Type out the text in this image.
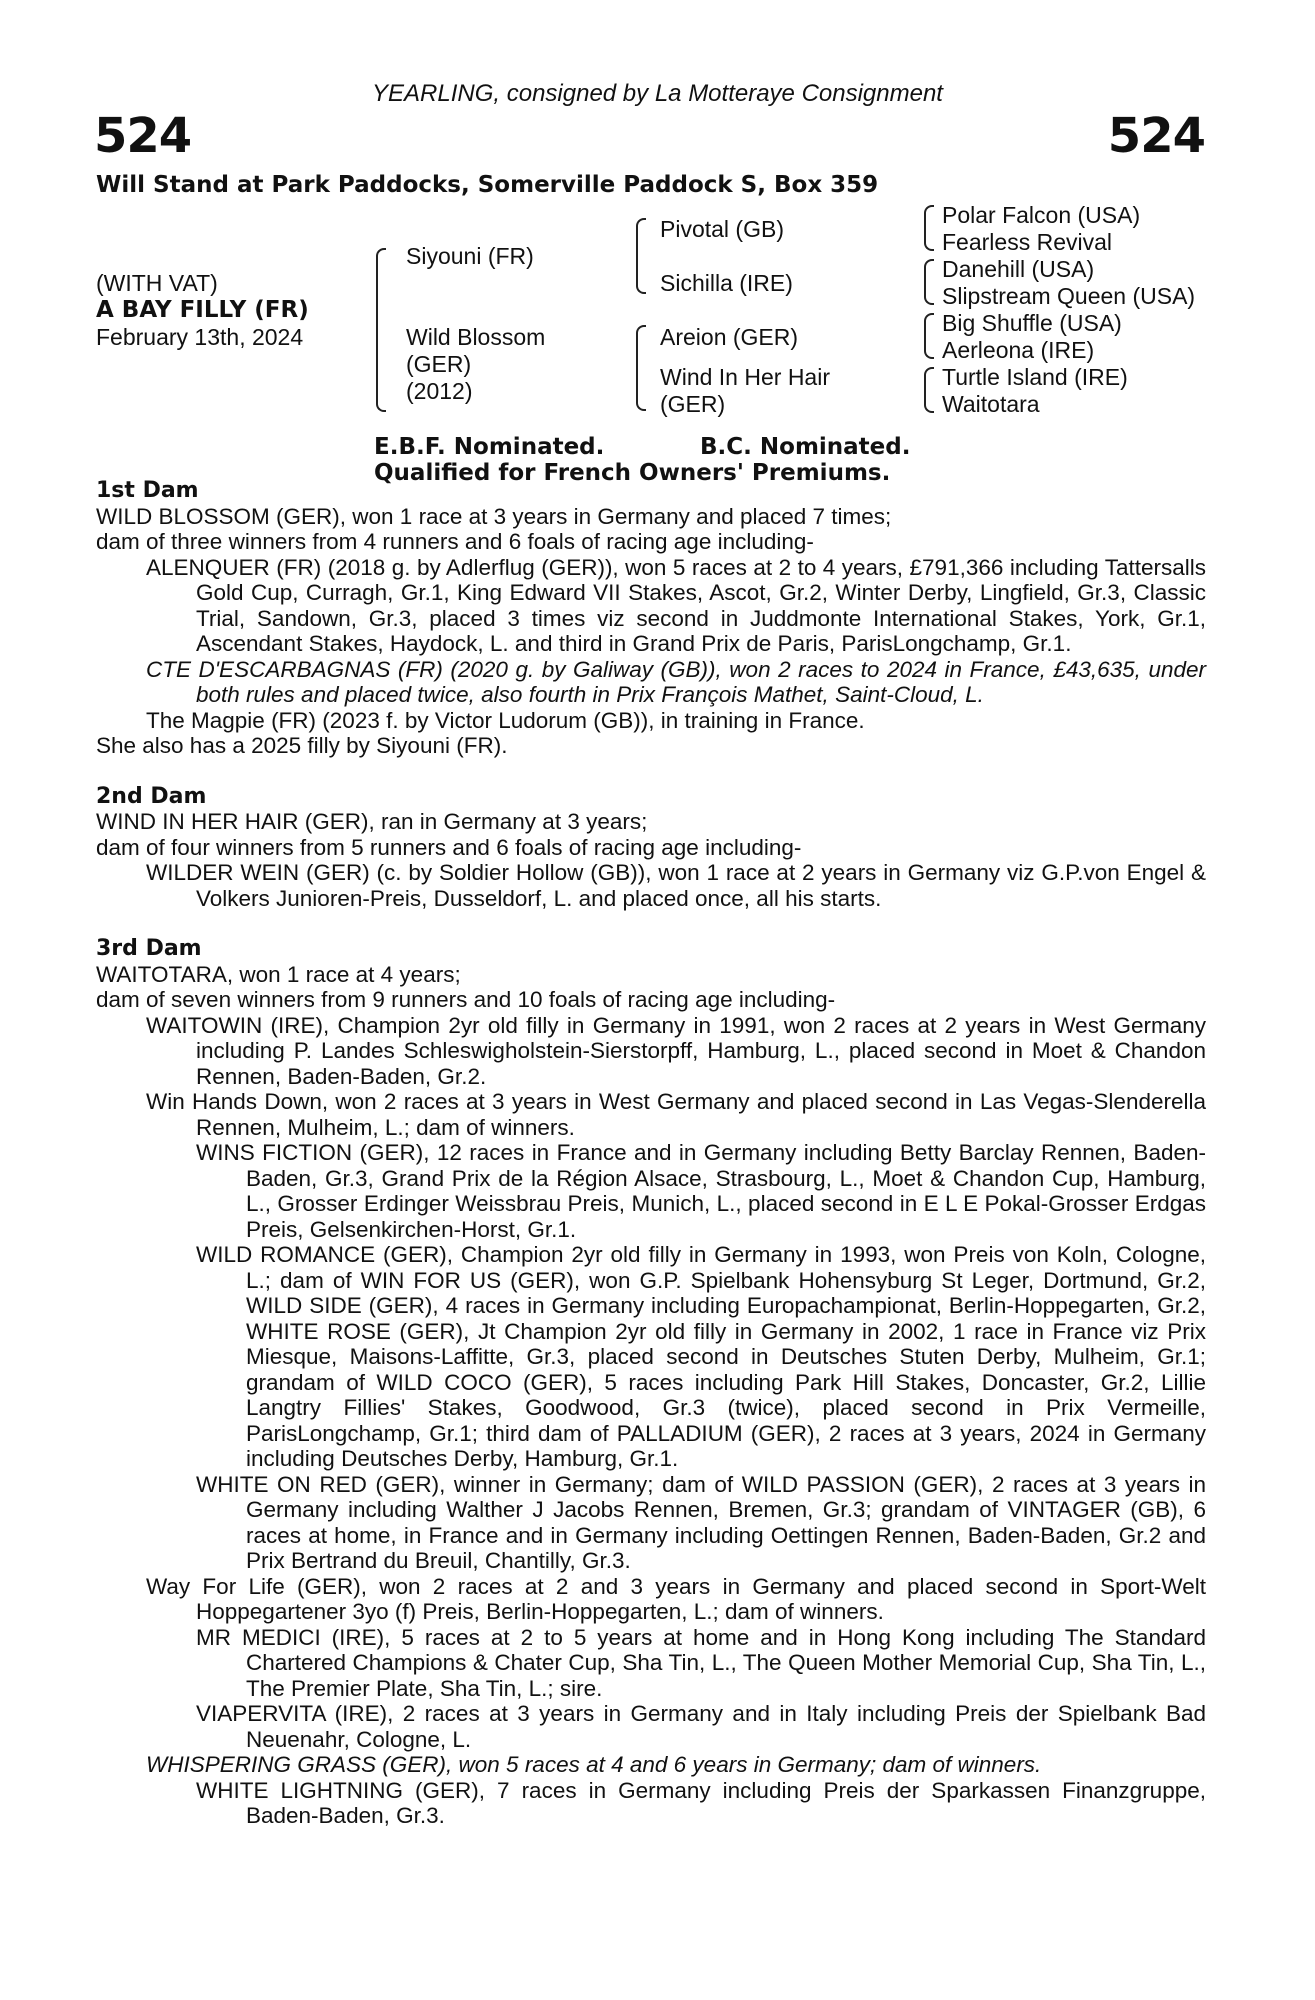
YEARLING, consigned by La Motteraye Consignment
524	524
Will Stand at Park Paddocks, Somerville Paddock S, Box 359
(WITH VAT)
A BAY FILLY (FR)
February 13th, 2024
Siyouni (FR)
Wild Blossom
(GER)
(2012)
Pivotal (GB)
Sichilla (IRE)
Areion (GER)
Wind In Her Hair
(GER)
Polar Falcon (USA)
Fearless Revival
Danehill (USA)
Slipstream Queen (USA)
Big Shuffle (USA)
Aerleona (IRE)
Turtle Island (IRE)
Waitotara
E.B.F. Nominated.	B.C. Nominated.
Qualified for French Owners' Premiums.

1st Dam

WILD BLOSSOM (GER), won 1 race at 3 years in Germany and placed 7 times;

dam of three winners from 4 runners and 6 foals of racing age including-

ALENQUER (FR) (2018 g. by Adlerflug (GER)), won 5 races at 2 to 4 years, £791,366 including Tattersalls Gold Cup, Curragh, Gr.1, King Edward VII Stakes, Ascot, Gr.2, Winter Derby, Lingfield, Gr.3, Classic Trial, Sandown, Gr.3, placed 3 times viz second in Juddmonte International Stakes, York, Gr.1, Ascendant Stakes, Haydock, L. and third in Grand Prix de Paris, ParisLongchamp, Gr.1.

CTE D'ESCARBAGNAS (FR) (2020 g. by Galiway (GB)), won 2 races to 2024 in France, £43,635, under both rules and placed twice, also fourth in Prix François Mathet, Saint-Cloud, L.

The Magpie (FR) (2023 f. by Victor Ludorum (GB)), in training in France.

She also has a 2025 filly by Siyouni (FR).

2nd Dam

WIND IN HER HAIR (GER), ran in Germany at 3 years;

dam of four winners from 5 runners and 6 foals of racing age including-

WILDER WEIN (GER) (c. by Soldier Hollow (GB)), won 1 race at 2 years in Germany viz G.P.von Engel & Volkers Junioren-Preis, Dusseldorf, L. and placed once, all his starts.

3rd Dam

WAITOTARA, won 1 race at 4 years;

dam of seven winners from 9 runners and 10 foals of racing age including-

WAITOWIN (IRE), Champion 2yr old filly in Germany in 1991, won 2 races at 2 years in West Germany including P. Landes Schleswigholstein-Sierstorpff, Hamburg, L., placed second in Moet & Chandon Rennen, Baden-Baden, Gr.2.

Win Hands Down, won 2 races at 3 years in West Germany and placed second in Las Vegas-Slenderella Rennen, Mulheim, L.; dam of winners.

WINS FICTION (GER), 12 races in France and in Germany including Betty Barclay Rennen, Baden-Baden, Gr.3, Grand Prix de la Région Alsace, Strasbourg, L., Moet & Chandon Cup, Hamburg, L., Grosser Erdinger Weissbrau Preis, Munich, L., placed second in E L E Pokal-Grosser Erdgas Preis, Gelsenkirchen-Horst, Gr.1.

WILD ROMANCE (GER), Champion 2yr old filly in Germany in 1993, won Preis von Koln, Cologne, L.; dam of WIN FOR US (GER), won G.P. Spielbank Hohensyburg St Leger, Dortmund, Gr.2, WILD SIDE (GER), 4 races in Germany including Europachampionat, Berlin-Hoppegarten, Gr.2, WHITE ROSE (GER), Jt Champion 2yr old filly in Germany in 2002, 1 race in France viz Prix Miesque, Maisons-Laffitte, Gr.3, placed second in Deutsches Stuten Derby, Mulheim, Gr.1; grandam of WILD COCO (GER), 5 races including Park Hill Stakes, Doncaster, Gr.2, Lillie Langtry Fillies' Stakes, Goodwood, Gr.3 (twice), placed second in Prix Vermeille, ParisLongchamp, Gr.1; third dam of PALLADIUM (GER), 2 races at 3 years, 2024 in Germany including Deutsches Derby, Hamburg, Gr.1.

WHITE ON RED (GER), winner in Germany; dam of WILD PASSION (GER), 2 races at 3 years in Germany including Walther J Jacobs Rennen, Bremen, Gr.3; grandam of VINTAGER (GB), 6 races at home, in France and in Germany including Oettingen Rennen, Baden-Baden, Gr.2 and Prix Bertrand du Breuil, Chantilly, Gr.3.

Way For Life (GER), won 2 races at 2 and 3 years in Germany and placed second in Sport-Welt Hoppegartener 3yo (f) Preis, Berlin-Hoppegarten, L.; dam of winners.

MR MEDICI (IRE), 5 races at 2 to 5 years at home and in Hong Kong including The Standard Chartered Champions & Chater Cup, Sha Tin, L., The Queen Mother Memorial Cup, Sha Tin, L., The Premier Plate, Sha Tin, L.; sire.

VIAPERVITA (IRE), 2 races at 3 years in Germany and in Italy including Preis der Spielbank Bad Neuenahr, Cologne, L.

WHISPERING GRASS (GER), won 5 races at 4 and 6 years in Germany; dam of winners.

WHITE LIGHTNING (GER), 7 races in Germany including Preis der Sparkassen Finanzgruppe, Baden-Baden, Gr.3.
